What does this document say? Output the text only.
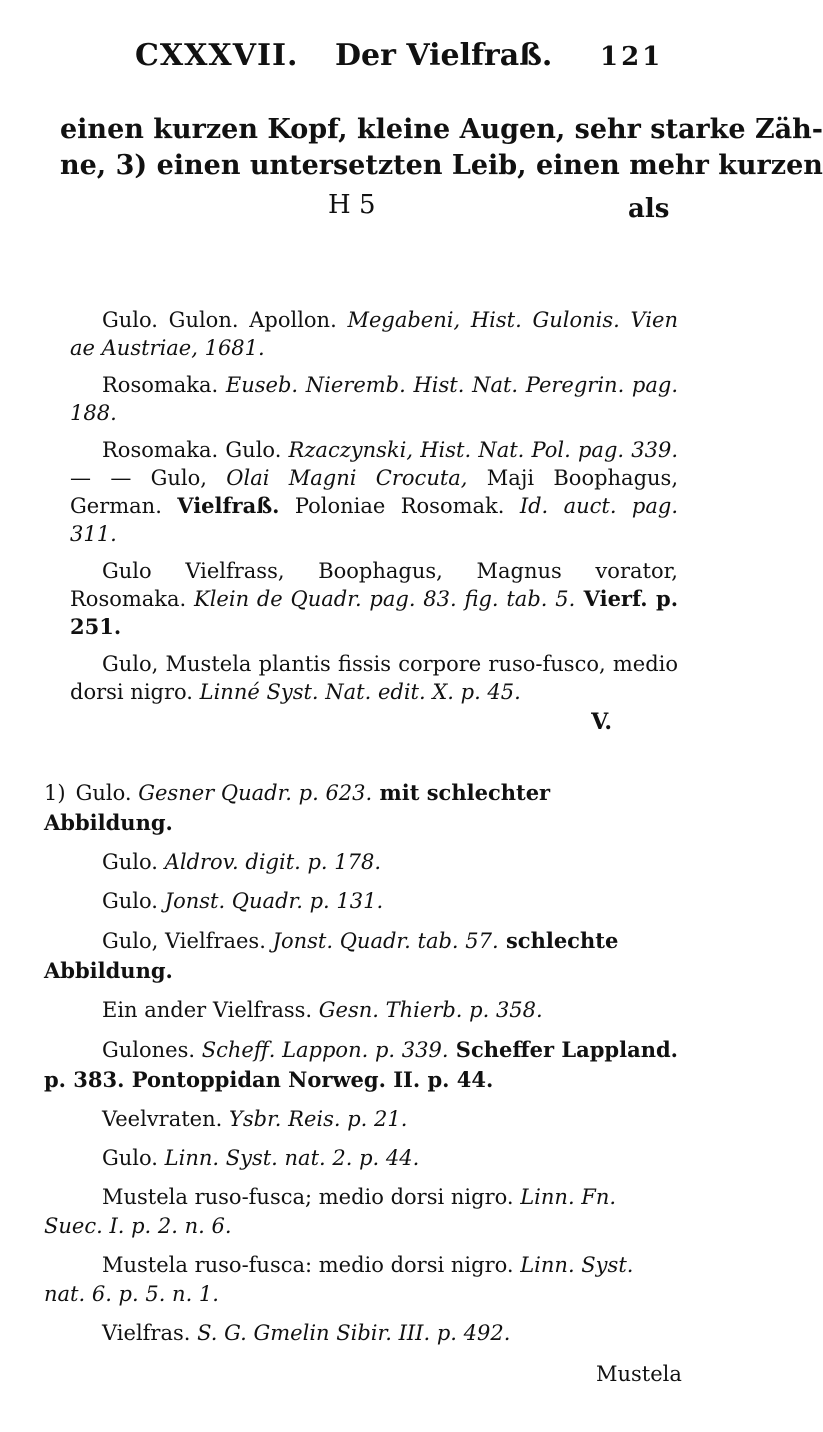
CXXXVII. Der Vielfraß. 121
einen kurzen Kopf, kleine Augen, sehr starke Zäh-
ne, 3) einen untersetzten Leib, einen mehr kurzen
H 5	als
Gulo. Gulon. Apollon. Megabeni, Hist. Gulonis. Vien ae Austriae, 1681.
Rosomaka. Euseb. Nieremb. Hist. Nat. Peregrin. pag. 188.
Rosomaka. Gulo. Rzaczynski, Hist. Nat. Pol. pag. 339. — — Gulo, Olai Magni Crocuta, Maji Boophagus, German. Vielfraß. Poloniae Rosomak. Id. auct. pag. 311.
Gulo Vielfrass, Boophagus, Magnus vorator, Rosomaka. Klein de Quadr. pag. 83. fig. tab. 5. Vierf. p. 251.
Gulo, Mustela plantis fissis corpore ruso-fusco, medio dorsi nigro. Linné Syst. Nat. edit. X. p. 45.
V.
1) Gulo. Gesner Quadr. p. 623. mit schlechter Abbildung.
Gulo. Aldrov. digit. p. 178.
Gulo. Jonst. Quadr. p. 131.
Gulo, Vielfraes. Jonst. Quadr. tab. 57. schlechte Abbildung.
Ein ander Vielfrass. Gesn. Thierb. p. 358.
Gulones. Scheff. Lappon. p. 339. Scheffer Lappland. p. 383. Pontoppidan Norweg. II. p. 44.
Veelvraten. Ysbr. Reis. p. 21.
Gulo. Linn. Syst. nat. 2. p. 44.
Mustela ruso-fusca; medio dorsi nigro. Linn. Fn. Suec. I. p. 2. n. 6.
Mustela ruso-fusca: medio dorsi nigro. Linn. Syst. nat. 6. p. 5. n. 1.
Vielfras. S. G. Gmelin Sibir. III. p. 492.
Mustela
